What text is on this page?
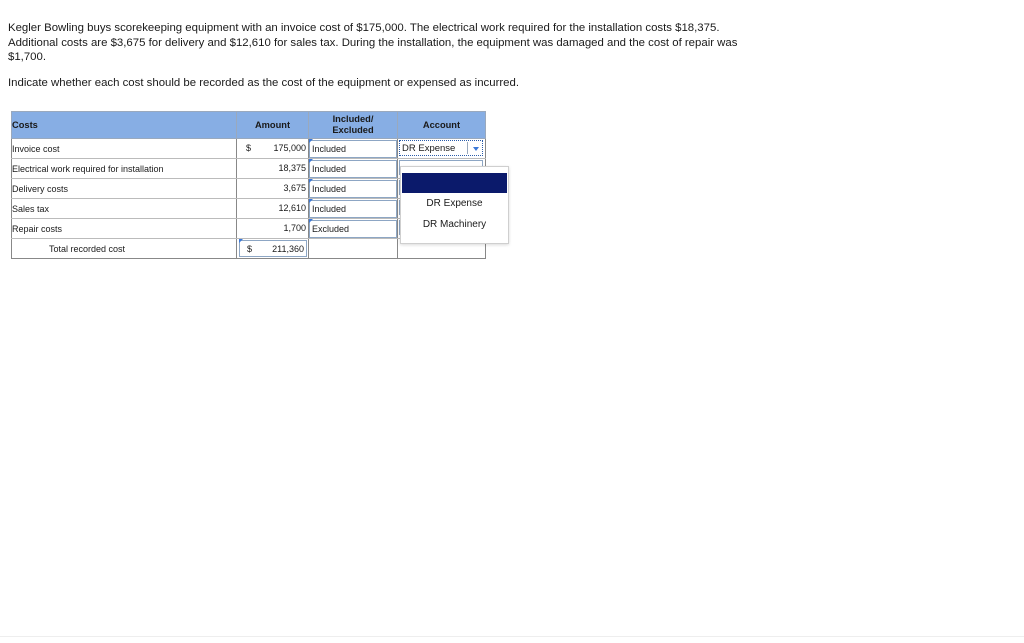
Kegler Bowling buys scorekeeping equipment with an invoice cost of $175,000. The electrical work required for the installation costs $18,375. Additional costs are $3,675 for delivery and $12,610 for sales tax. During the installation, the equipment was damaged and the cost of repair was $1,700.
Indicate whether each cost should be recorded as the cost of the equipment or expensed as incurred.
Costs	Amount	Included/
Excluded	Account
Invoice cost	$ 175,000	Included	DR Expense

Electrical work required for installation	18,375	Included	

Delivery costs	3,675	Included	

Sales tax	12,610	Included	

Repair costs	1,700	Excluded	

Total recorded cost	$ 211,360		

DR Expense
DR Machinery
